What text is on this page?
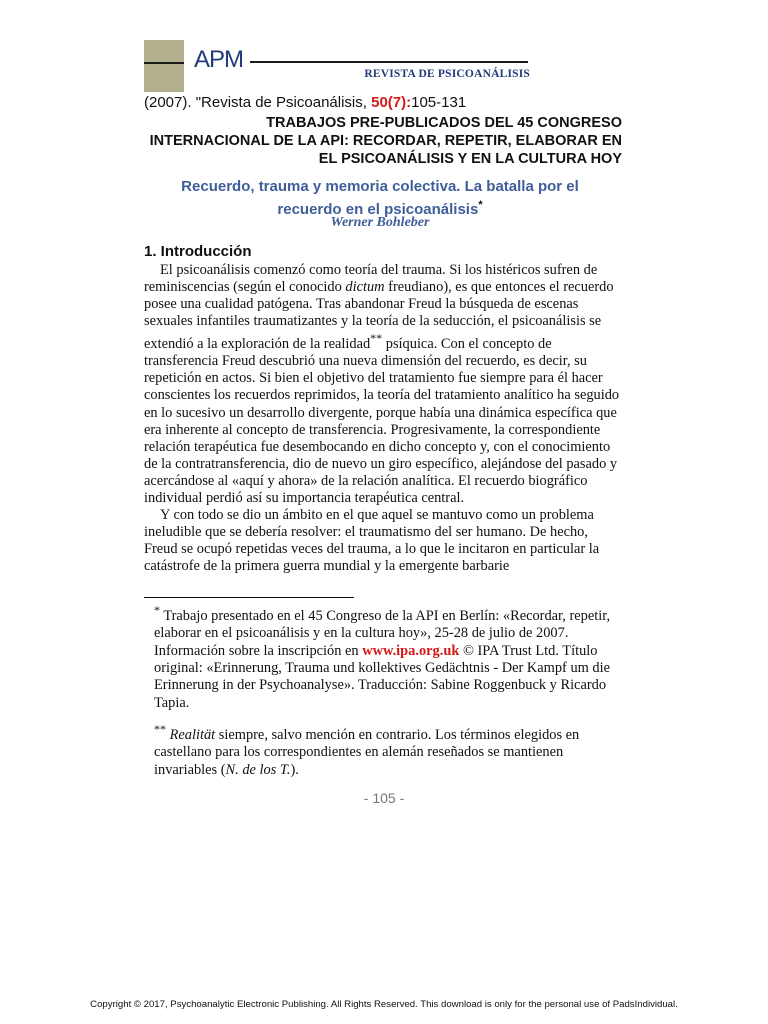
APM
REVISTA DE PSICOANÁLISIS
(2007). "Revista de Psicoanálisis, 50(7):105-131
TRABAJOS PRE-PUBLICADOS DEL 45 CONGRESO INTERNACIONAL DE LA API: RECORDAR, REPETIR, ELABORAR EN EL PSICOANÁLISIS Y EN LA CULTURA HOY
Recuerdo, trauma y memoria colectiva. La batalla por el recuerdo en el psicoanálisis*
Werner Bohleber
1. Introducción

El psicoanálisis comenzó como teoría del trauma. Si los histéricos sufren de reminiscencias (según el conocido dictum freudiano), es que entonces el recuerdo posee una cualidad patógena. Tras abandonar Freud la búsqueda de escenas sexuales infantiles traumatizantes y la teoría de la seducción, el psicoanálisis se extendió a la exploración de la realidad** psíquica. Con el concepto de transferencia Freud descubrió una nueva dimensión del recuerdo, es decir, su repetición en actos. Si bien el objetivo del tratamiento fue siempre para él hacer conscientes los recuerdos reprimidos, la teoría del tratamiento analítico ha seguido en lo sucesivo un desarrollo divergente, porque había una dinámica específica que era inherente al concepto de transferencia. Progresivamente, la correspondiente relación terapéutica fue desembocando en dicho concepto y, con el conocimiento de la contratransferencia, dio de nuevo un giro específico, alejándose del pasado y acercándose al «aquí y ahora» de la relación analítica. El recuerdo biográfico individual perdió así su importancia terapéutica central.

Y con todo se dio un ámbito en el que aquel se mantuvo como un problema ineludible que se debería resolver: el traumatismo del ser humano. De hecho, Freud se ocupó repetidas veces del trauma, a lo que le incitaron en particular la catástrofe de la primera guerra mundial y la emergente barbarie

* Trabajo presentado en el 45 Congreso de la API en Berlín: «Recordar, repetir, elaborar en el psicoanálisis y en la cultura hoy», 25-28 de julio de 2007. Información sobre la inscripción en www.ipa.org.uk © IPA Trust Ltd. Título original: «Erinnerung, Trauma und kollektives Gedächtnis - Der Kampf um die Erinnerung in der Psychoanalyse». Traducción: Sabine Roggenbuck y Ricardo Tapia.

** Realität siempre, salvo mención en contrario. Los términos elegidos en castellano para los correspondientes en alemán reseñados se mantienen invariables (N. de los T.).

- 105 -
Copyright © 2017, Psychoanalytic Electronic Publishing. All Rights Reserved. This download is only for the personal use of PadsIndividual.
